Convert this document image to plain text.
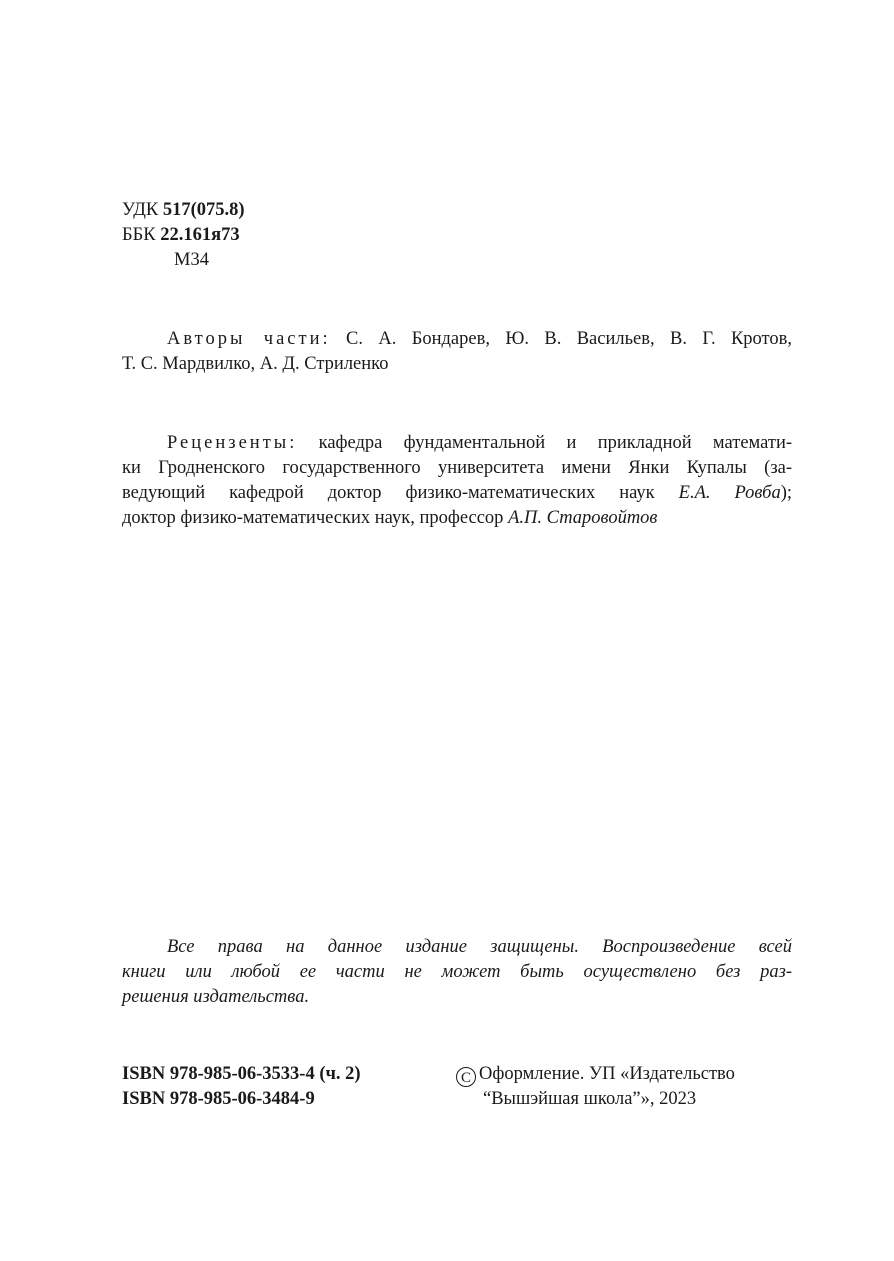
УДК 517(075.8)
ББК 22.161я73
М34
Авторы части: С. А. Бондарев, Ю. В. Васильев, В. Г. Кротов,
Т. С. Мардвилко, А. Д. Стриленко
Рецензенты: кафедра фундаментальной и прикладной математи-
ки Гродненского государственного университета имени Янки Купалы (за-
ведующий кафедрой доктор физико-математических наук Е.А. Ровба);
доктор физико-математических наук, профессор А.П. Старовойтов
Все права на данное издание защищены. Воспроизведение всей
книги или любой ее части не может быть осуществлено без раз-
решения издательства.
ISBN 978-985-06-3533-4 (ч. 2)
ISBN 978-985-06-3484-9
C Оформление. УП «Издательство
“Вышэйшая школа”», 2023
